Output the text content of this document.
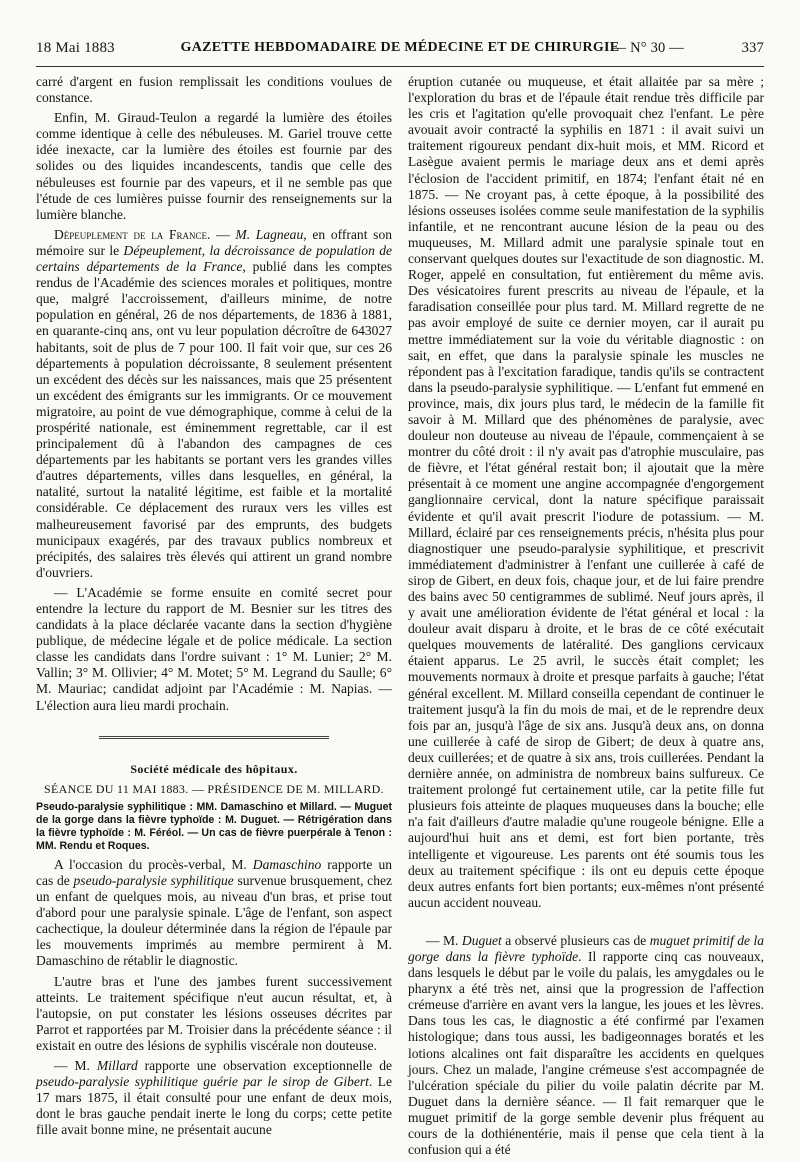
18 Mai 1883	GAZETTE HEBDOMADAIRE DE MÉDECINE ET DE CHIRURGIE
— N° 30 —	337

carré d'argent en fusion remplissait les conditions voulues de constance.

Enfin, M. Giraud-Teulon a regardé la lumière des étoiles comme identique à celle des nébuleuses. M. Gariel trouve cette idée inexacte, car la lumière des étoiles est fournie par des solides ou des liquides incandescents, tandis que celle des nébuleuses est fournie par des vapeurs, et il ne semble pas que l'étude de ces lumières puisse fournir des renseignements sur la lumière blanche.

Dépeuplement de la France. — M. Lagneau, en offrant son mémoire sur le Dépeuplement, la décroissance de population de certains départements de la France, publié dans les comptes rendus de l'Académie des sciences morales et politiques, montre que, malgré l'accroissement, d'ailleurs minime, de notre population en général, 26 de nos départements, de 1836 à 1881, en quarante-cinq ans, ont vu leur population décroître de 643027 habitants, soit de plus de 7 pour 100. Il fait voir que, sur ces 26 départements à population décroissante, 8 seulement présentent un excédent des décès sur les naissances, mais que 25 présentent un excédent des émigrants sur les immigrants. Or ce mouvement migratoire, au point de vue démographique, comme à celui de la prospérité nationale, est éminemment regrettable, car il est principalement dû à l'abandon des campagnes de ces départements par les habitants se portant vers les grandes villes d'autres départements, villes dans lesquelles, en général, la natalité, surtout la natalité légitime, est faible et la mortalité considérable. Ce déplacement des ruraux vers les villes est malheureusement favorisé par des emprunts, des budgets municipaux exagérés, par des travaux publics nombreux et précipités, des salaires très élevés qui attirent un grand nombre d'ouvriers.

— L'Académie se forme ensuite en comité secret pour entendre la lecture du rapport de M. Besnier sur les titres des candidats à la place déclarée vacante dans la section d'hygiène publique, de médecine légale et de police médicale. La section classe les candidats dans l'ordre suivant : 1° M. Lunier; 2° M. Vallin; 3° M. Ollivier; 4° M. Motet; 5° M. Legrand du Saulle; 6° M. Mauriac; candidat adjoint par l'Académie : M. Napias. — L'élection aura lieu mardi prochain.

Société médicale des hôpitaux.

SÉANCE DU 11 MAI 1883. — PRÉSIDENCE DE M. MILLARD.

Pseudo-paralysie syphilitique : MM. Damaschino et Millard. — Muguet de la gorge dans la fièvre typhoïde : M. Duguet. — Rétrigération dans la fièvre typhoïde : M. Féréol. — Un cas de fièvre puerpérale à Tenon : MM. Rendu et Roques.

A l'occasion du procès-verbal, M. Damaschino rapporte un cas de pseudo-paralysie syphilitique survenue brusquement, chez un enfant de quelques mois, au niveau d'un bras, et prise tout d'abord pour une paralysie spinale. L'âge de l'enfant, son aspect cachectique, la douleur déterminée dans la région de l'épaule par les mouvements imprimés au membre permirent à M. Damaschino de rétablir le diagnostic.

L'autre bras et l'une des jambes furent successivement atteints. Le traitement spécifique n'eut aucun résultat, et, à l'autopsie, on put constater les lésions osseuses décrites par Parrot et rapportées par M. Troisier dans la précédente séance : il existait en outre des lésions de syphilis viscérale non douteuse.

— M. Millard rapporte une observation exceptionnelle de pseudo-paralysie syphilitique guérie par le sirop de Gibert. Le 17 mars 1875, il était consulté pour une enfant de deux mois, dont le bras gauche pendait inerte le long du corps; cette petite fille avait bonne mine, ne présentait aucune

éruption cutanée ou muqueuse, et était allaitée par sa mère ; l'exploration du bras et de l'épaule était rendue très difficile par les cris et l'agitation qu'elle provoquait chez l'enfant. Le père avouait avoir contracté la syphilis en 1871 : il avait suivi un traitement rigoureux pendant dix-huit mois, et MM. Ricord et Lasègue avaient permis le mariage deux ans et demi après l'éclosion de l'accident primitif, en 1874; l'enfant était né en 1875. — Ne croyant pas, à cette époque, à la possibilité des lésions osseuses isolées comme seule manifestation de la syphilis infantile, et ne rencontrant aucune lésion de la peau ou des muqueuses, M. Millard admit une paralysie spinale tout en conservant quelques doutes sur l'exactitude de son diagnostic. M. Roger, appelé en consultation, fut entièrement du même avis. Des vésicatoires furent prescrits au niveau de l'épaule, et la faradisation conseillée pour plus tard. M. Millard regrette de ne pas avoir employé de suite ce dernier moyen, car il aurait pu mettre immédiatement sur la voie du véritable diagnostic : on sait, en effet, que dans la paralysie spinale les muscles ne répondent pas à l'excitation faradique, tandis qu'ils se contractent dans la pseudo-paralysie syphilitique. — L'enfant fut emmené en province, mais, dix jours plus tard, le médecin de la famille fit savoir à M. Millard que des phénomènes de paralysie, avec douleur non douteuse au niveau de l'épaule, commençaient à se montrer du côté droit : il n'y avait pas d'atrophie musculaire, pas de fièvre, et l'état général restait bon; il ajoutait que la mère présentait à ce moment une angine accompagnée d'engorgement ganglionnaire cervical, dont la nature spécifique paraissait évidente et qu'il avait prescrit l'iodure de potassium. — M. Millard, éclairé par ces renseignements précis, n'hésita plus pour diagnostiquer une pseudo-paralysie syphilitique, et prescrivit immédiatement d'administrer à l'enfant une cuillerée à café de sirop de Gibert, en deux fois, chaque jour, et de lui faire prendre des bains avec 50 centigrammes de sublimé. Neuf jours après, il y avait une amélioration évidente de l'état général et local : la douleur avait disparu à droite, et le bras de ce côté exécutait quelques mouvements de latéralité. Des ganglions cervicaux étaient apparus. Le 25 avril, le succès était complet; les mouvements normaux à droite et presque parfaits à gauche; l'état général excellent. M. Millard conseilla cependant de continuer le traitement jusqu'à la fin du mois de mai, et de le reprendre deux fois par an, jusqu'à l'âge de six ans. Jusqu'à deux ans, on donna une cuillerée à café de sirop de Gibert; de deux à quatre ans, deux cuillerées; et de quatre à six ans, trois cuillerées. Pendant la dernière année, on administra de nombreux bains sulfureux. Ce traitement prolongé fut certainement utile, car la petite fille fut plusieurs fois atteinte de plaques muqueuses dans la bouche; elle n'a fait d'ailleurs d'autre maladie qu'une rougeole bénigne. Elle a aujourd'hui huit ans et demi, est fort bien portante, très intelligente et vigoureuse. Les parents ont été soumis tous les deux au traitement spécifique : ils ont eu depuis cette époque deux autres enfants fort bien portants; eux-mêmes n'ont présenté aucun accident nouveau.

— M. Duguet a observé plusieurs cas de muguet primitif de la gorge dans la fièvre typhoïde. Il rapporte cinq cas nouveaux, dans lesquels le début par le voile du palais, les amygdales ou le pharynx a été très net, ainsi que la progression de l'affection crémeuse d'arrière en avant vers la langue, les joues et les lèvres. Dans tous les cas, le diagnostic a été confirmé par l'examen histologique; dans tous aussi, les badigeonnages boratés et les lotions alcalines ont fait disparaître les accidents en quelques jours. Chez un malade, l'angine crémeuse s'est accompagnée de l'ulcération spéciale du pilier du voile palatin décrite par M. Duguet dans la dernière séance. — Il fait remarquer que le muguet primitif de la gorge semble devenir plus fréquent au cours de la dothiénentérie, mais il pense que cela tient à la confusion qui a été
